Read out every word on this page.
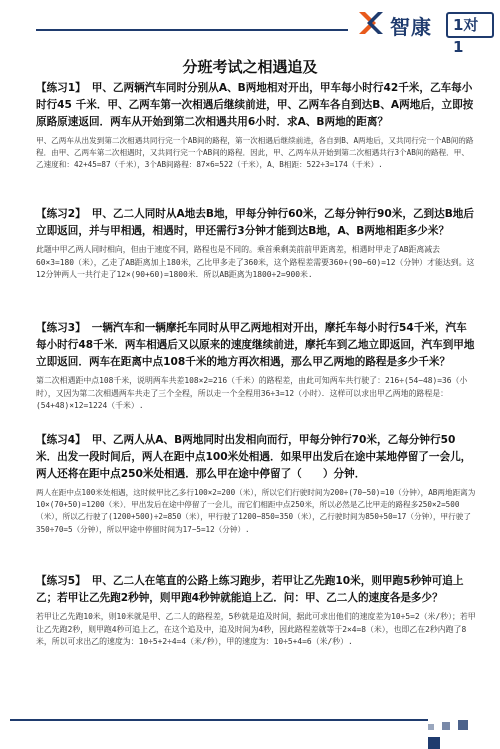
智康	1对1
分班考试之相遇追及

【练习1】 甲、乙两辆汽车同时分别从A、B两地相对开出，甲车每小时行42千米，乙车每小时行45 千米．甲、乙两车第一次相遇后继续前进，甲、乙两车各自到达B、A两地后，立即按原路原速返回．两车从开始到第二次相遇共用6小时．求A、B两地的距离？

甲、乙两车从出发到第二次相遇共同行完一个AB间的路程，第一次相遇后继续前进，各自到B、A两地后，又共同行完一个AB间的路程．由甲、乙两车第二次相遇时，又共同行完一个AB间的路程．因此，甲、乙两车从开始到第二次相遇共行3个AB间的路程．甲、乙速度和：42+45=87（千米），3个AB间路程：87×6=522（千米），A、B相距：522÷3=174（千米）.

【练习2】 甲、乙二人同时从A地去B地，甲每分钟行60米，乙每分钟行90米，乙到达B地后立即返回，并与甲相遇，相遇时，甲还需行3分钟才能到达B地，A、B两地相距多少米？

此题中甲乙两人同时相向，但由于速度不同，路程也是不同的。乘首乘剩美前前甲距离差，相遇时甲走了AB距离减去60×3=180（米），乙走了AB距离加上180米，乙比甲多走了360米，这个路程差需要360÷(90−60)=12（分钟）才能达到。这12分钟两人一共行走了12×(90+60)=1800米．所以AB距离为1800÷2=900米.

【练习3】 一辆汽车和一辆摩托车同时从甲乙两地相对开出，摩托车每小时行54千米，汽车每小时行48千米．两车相遇后又以原来的速度继续前进，摩托车到乙地立即返回，汽车到甲地立即返回．两车在距离中点108千米的地方再次相遇，那么甲乙两地的路程是多少千米？

第二次相遇距中点108千米，说明两车共差108×2=216（千米）的路程差，由此可知两车共行驶了：216÷(54−48)=36（小时），又因为第二次相遇两车共走了三个全程，所以走一个全程用36÷3=12（小时）．这样可以求出甲乙两地的路程是：(54+48)×12=1224（千米）.

【练习4】 甲、乙两人从A、B两地同时出发相向而行，甲每分钟行70米，乙每分钟行50米．出发一段时间后，两人在距中点100米处相遇．如果甲出发后在途中某地停留了一会儿，两人还将在距中点250米处相遇．那么甲在途中停留了（　　）分钟．

两人在距中点100米处相遇，这时候甲比乙多行100×2=200（米），所以它们行驶时间为200÷(70−50)=10（分钟），AB两地距离为10×(70+50)=1200（米）．甲出发后在途中停留了一会儿，而它们相距中点250米，所以必然是乙比甲走的路程多250×2=500（米），所以乙行驶了(1200+500)÷2=850（米），甲行驶了1200−850=350（米），乙行驶时间为850÷50=17（分钟），甲行驶了350÷70=5（分钟），所以甲途中停留时间为17−5=12（分钟）.

【练习5】 甲、乙二人在笔直的公路上练习跑步，若甲让乙先跑10米，则甲跑5秒钟可追上乙；若甲让乙先跑2秒钟，则甲跑4秒钟就能追上乙．问：甲、乙二人的速度各是多少？

若甲让乙先跑10米，则10米就是甲、乙二人的路程差，5秒就是追及时间，据此可求出他们的速度差为10÷5=2（米/秒）；若甲让乙先跑2秒，则甲跑4秒可追上乙，在这个追及中，追及时间为4秒，因此路程差就等于2×4=8（米），也即乙在2秒内跑了8米，所以可求出乙的速度为：10÷5+2÷4=4（米/秒），甲的速度为：10÷5+4=6（米/秒）.
